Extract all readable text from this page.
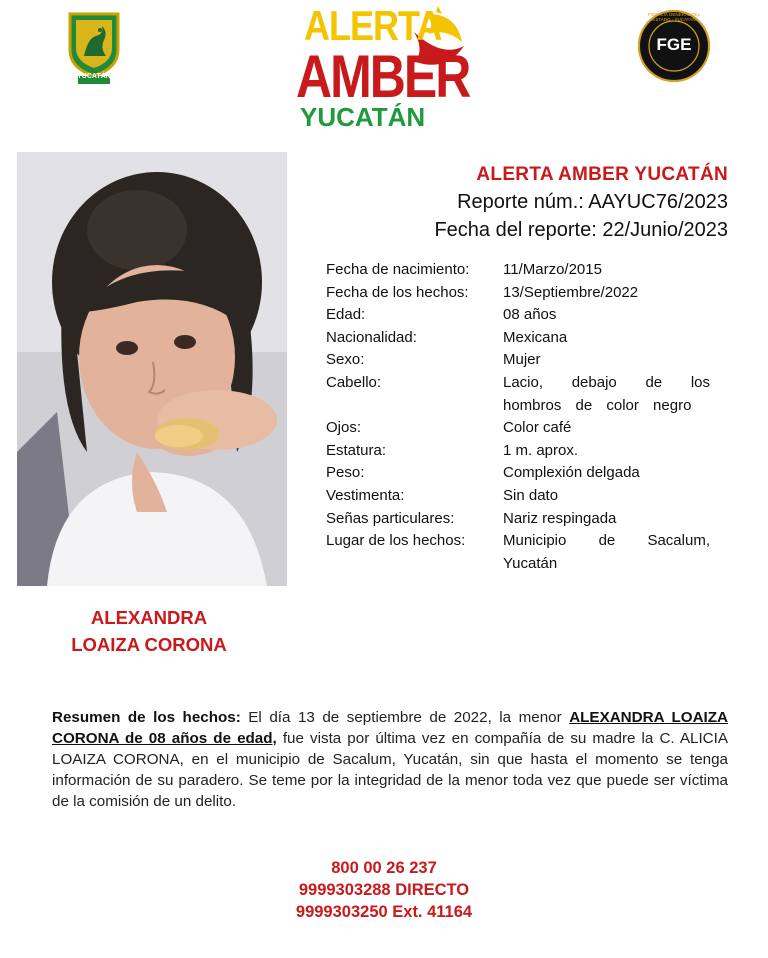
YUCATÁN
ALERTA
AMBER
YUCATÁN
FGE
FISCALÍA GENERAL DEL ESTADO · YUCATÁN
ALERTA AMBER YUCATÁN
Reporte núm.: AAYUC76/2023
Fecha del reporte: 22/Junio/2023
Fecha de nacimiento:	11/Marzo/2015
Fecha de los hechos:	13/Septiembre/2022
Edad:	08 años
Nacionalidad:	Mexicana
Sexo:	Mujer
Cabello:	Lacio, debajo de los hombros de color negro
Ojos:	Color café
Estatura:	1 m. aprox.
Peso:	Complexión delgada
Vestimenta:	Sin dato
Señas particulares:	Nariz respingada
Lugar de los hechos:	Municipio de Sacalum, Yucatán
ALEXANDRA
LOAIZA CORONA
Resumen de los hechos: El día 13 de septiembre de 2022, la menor ALEXANDRA LOAIZA CORONA de 08 años de edad, fue vista por última vez en compañía de su madre la C. ALICIA LOAIZA CORONA, en el municipio de Sacalum, Yucatán, sin que hasta el momento se tenga información de su paradero. Se teme por la integridad de la menor toda vez que puede ser víctima de la comisión de un delito.
800 00 26 237
9999303288 DIRECTO
9999303250 Ext. 41164
